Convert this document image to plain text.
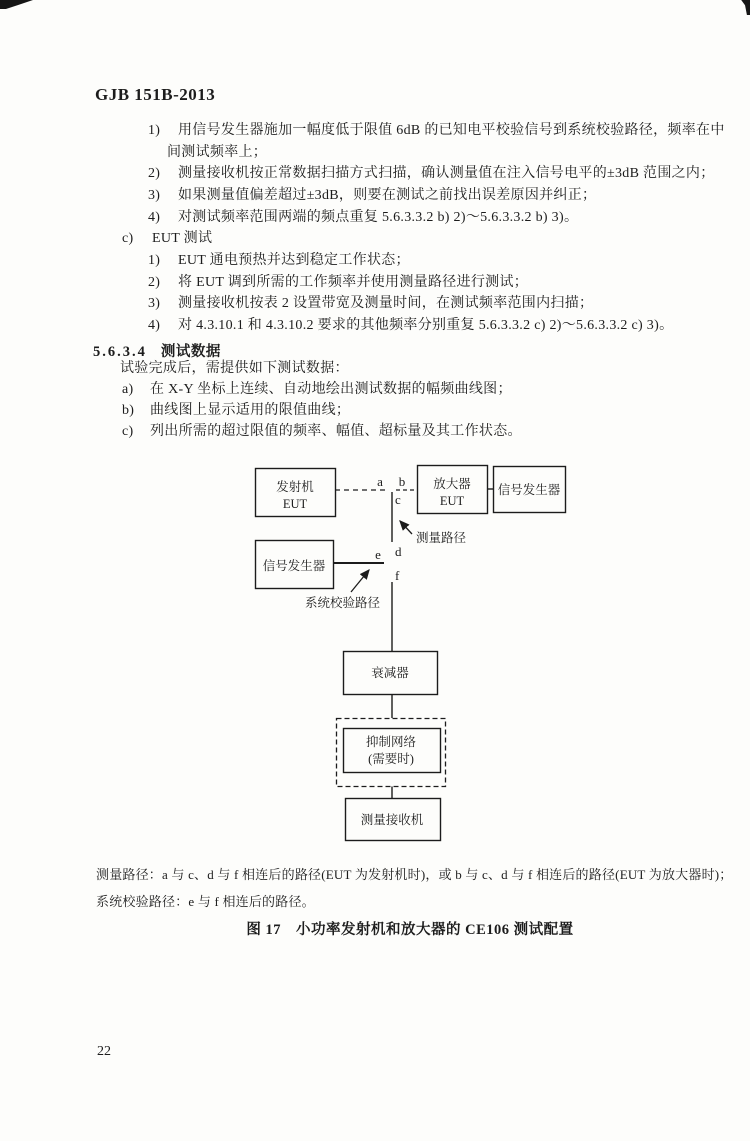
GJB 151B-2013
1) 用信号发生器施加一幅度低于限值 6dB 的已知电平校验信号到系统校验路径，频率在中
间测试频率上；
2) 测量接收机按正常数据扫描方式扫描，确认测量值在注入信号电平的±3dB 范围之内；
3) 如果测量值偏差超过±3dB，则要在测试之前找出误差原因并纠正；
4) 对测试频率范围两端的频点重复 5.6.3.3.2 b) 2)～5.6.3.3.2 b) 3)。
c) EUT 测试
1) EUT 通电预热并达到稳定工作状态；
2) 将 EUT 调到所需的工作频率并使用测量路径进行测试；
3) 测量接收机按表 2 设置带宽及测量时间，在测试频率范围内扫描；
4) 对 4.3.10.1 和 4.3.10.2 要求的其他频率分别重复 5.6.3.3.2 c) 2)～5.6.3.3.2 c) 3)。
5.6.3.4 测试数据
试验完成后，需提供如下测试数据：
a) 在 X-Y 坐标上连续、自动地绘出测试数据的幅频曲线图；
b) 曲线图上显示适用的限值曲线；
c) 列出所需的超过限值的频率、幅值、超标量及其工作状态。
发射机
EUT
a b 放大器
EUT
信号发生器
c
d
e
f
测量路径
信号发生器
系统校验路径
衰减器
抑制网络
(需要时)
测量接收机
测量路径：a 与 c、d 与 f 相连后的路径(EUT 为发射机时)，或 b 与 c、d 与 f 相连后的路径(EUT 为放大器时)；
系统校验路径：e 与 f 相连后的路径。
图 17　小功率发射机和放大器的 CE106 测试配置
22
